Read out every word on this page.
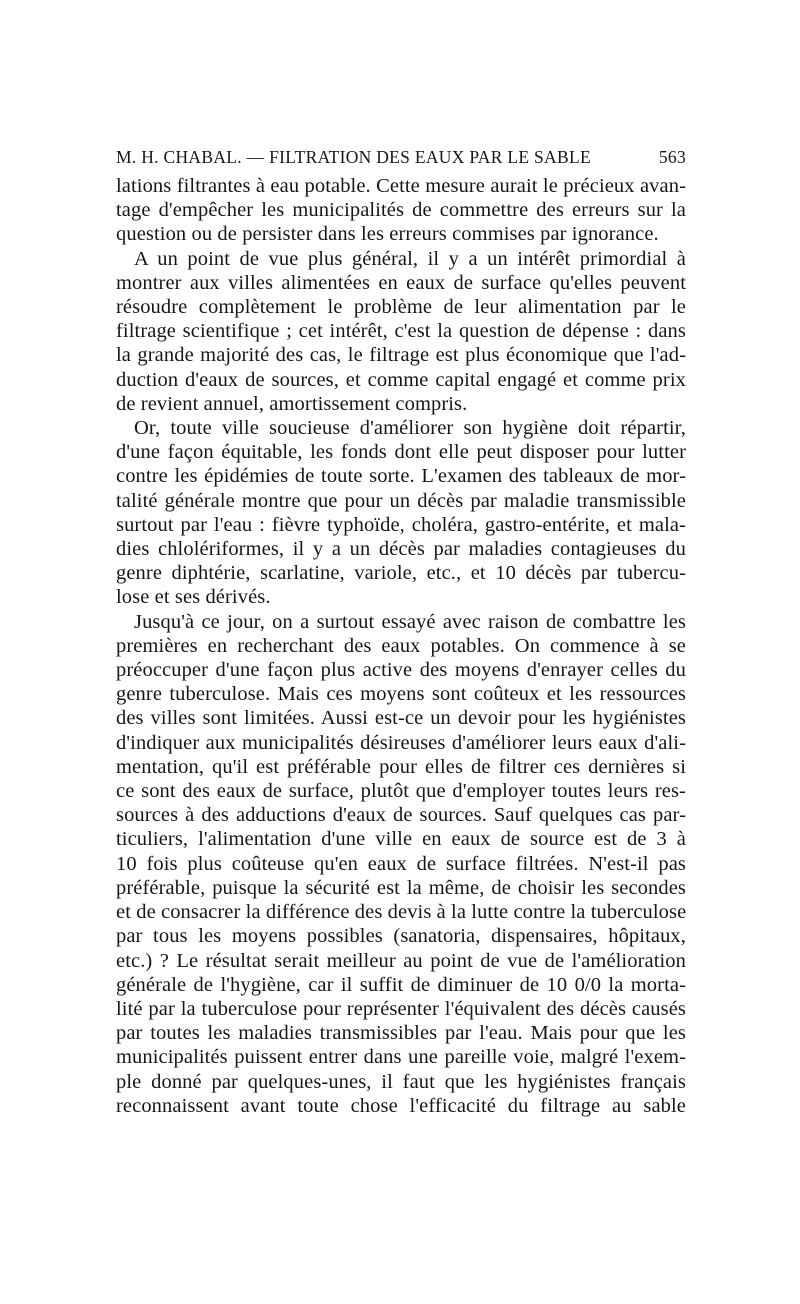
M. H. CHABAL. — FILTRATION DES EAUX PAR LE SABLE	563
lations filtrantes à eau potable. Cette mesure aurait le précieux avan-
tage d'empêcher les municipalités de commettre des erreurs sur la
question ou de persister dans les erreurs commises par ignorance.
A un point de vue plus général, il y a un intérêt primordial à
montrer aux villes alimentées en eaux de surface qu'elles peuvent
résoudre complètement le problème de leur alimentation par le
filtrage scientifique ; cet intérêt, c'est la question de dépense : dans
la grande majorité des cas, le filtrage est plus économique que l'ad-
duction d'eaux de sources, et comme capital engagé et comme prix
de revient annuel, amortissement compris.
Or, toute ville soucieuse d'améliorer son hygiène doit répartir,
d'une façon équitable, les fonds dont elle peut disposer pour lutter
contre les épidémies de toute sorte. L'examen des tableaux de mor-
talité générale montre que pour un décès par maladie transmissible
surtout par l'eau : fièvre typhoïde, choléra, gastro-entérite, et mala-
dies chlolériformes, il y a un décès par maladies contagieuses du
genre diphtérie, scarlatine, variole, etc., et 10 décès par tubercu-
lose et ses dérivés.
Jusqu'à ce jour, on a surtout essayé avec raison de combattre les
premières en recherchant des eaux potables. On commence à se
préoccuper d'une façon plus active des moyens d'enrayer celles du
genre tuberculose. Mais ces moyens sont coûteux et les ressources
des villes sont limitées. Aussi est-ce un devoir pour les hygiénistes
d'indiquer aux municipalités désireuses d'améliorer leurs eaux d'ali-
mentation, qu'il est préférable pour elles de filtrer ces dernières si
ce sont des eaux de surface, plutôt que d'employer toutes leurs res-
sources à des adductions d'eaux de sources. Sauf quelques cas par-
ticuliers, l'alimentation d'une ville en eaux de source est de 3 à
10 fois plus coûteuse qu'en eaux de surface filtrées. N'est-il pas
préférable, puisque la sécurité est la même, de choisir les secondes
et de consacrer la différence des devis à la lutte contre la tuberculose
par tous les moyens possibles (sanatoria, dispensaires, hôpitaux,
etc.) ? Le résultat serait meilleur au point de vue de l'amélioration
générale de l'hygiène, car il suffit de diminuer de 10 0/0 la morta-
lité par la tuberculose pour représenter l'équivalent des décès causés
par toutes les maladies transmissibles par l'eau. Mais pour que les
municipalités puissent entrer dans une pareille voie, malgré l'exem-
ple donné par quelques-unes, il faut que les hygiénistes français
reconnaissent avant toute chose l'efficacité du filtrage au sable
